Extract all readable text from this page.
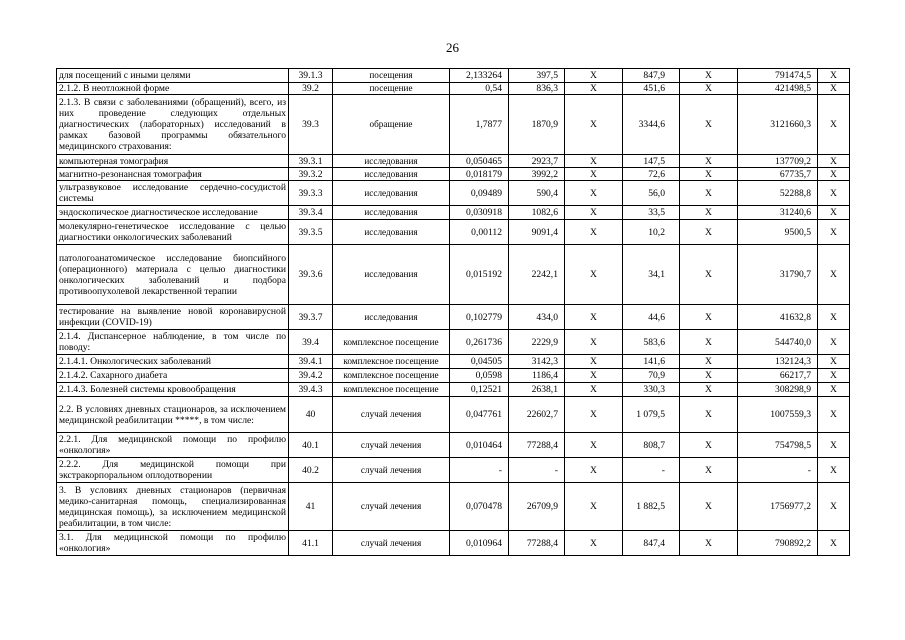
26
для посещений с иными целями	39.1.3	посещения	2,133264	397,5	X	847,9	X	791474,5	X
2.1.2. В неотложной форме	39.2	посещение	0,54	836,3	X	451,6	X	421498,5	X
2.1.3. В связи с заболеваниями (обращений), всего, из них проведение следующих отдельных диагностических (лабораторных) исследований в рамках базовой программы обязательного медицинского страхования:	39.3	обращение	1,7877	1870,9	X	3344,6	X	3121660,3	X
компьютерная томография	39.3.1	исследования	0,050465	2923,7	X	147,5	X	137709,2	X
магнитно-резонансная томография	39.3.2	исследования	0,018179	3992,2	X	72,6	X	67735,7	X
ультразвуковое исследование сердечно-сосудистой системы	39.3.3	исследования	0,09489	590,4	X	56,0	X	52288,8	X
эндоскопическое диагностическое исследование	39.3.4	исследования	0,030918	1082,6	X	33,5	X	31240,6	X
молекулярно-генетическое исследование с целью диагностики онкологических заболеваний	39.3.5	исследования	0,00112	9091,4	X	10,2	X	9500,5	X
патологоанатомическое исследование биопсийного (операционного) материала с целью диагностики онкологических заболеваний и подбора противоопухолевой лекарственной терапии	39.3.6	исследования	0,015192	2242,1	X	34,1	X	31790,7	X
тестирование на выявление новой коронавирусной инфекции (COVID-19)	39.3.7	исследования	0,102779	434,0	X	44,6	X	41632,8	X
2.1.4. Диспансерное наблюдение, в том числе по поводу:	39.4	комплексное посещение	0,261736	2229,9	X	583,6	X	544740,0	X
2.1.4.1. Онкологических заболеваний	39.4.1	комплексное посещение	0,04505	3142,3	X	141,6	X	132124,3	X
2.1.4.2. Сахарного диабета	39.4.2	комплексное посещение	0,0598	1186,4	X	70,9	X	66217,7	X
2.1.4.3. Болезней системы кровообращения	39.4.3	комплексное посещение	0,12521	2638,1	X	330,3	X	308298,9	X
2.2. В условиях дневных стационаров, за исключением медицинской реабилитации *****, в том числе:	40	случай лечения	0,047761	22602,7	X	1 079,5	X	1007559,3	X
2.2.1. Для медицинской помощи по профилю «онкология»	40.1	случай лечения	0,010464	77288,4	X	808,7	X	754798,5	X
2.2.2. Для медицинской помощи при экстракорпоральном оплодотворении	40.2	случай лечения	-	-	X	-	X	-	X
3. В условиях дневных стационаров (первичная медико-санитарная помощь, специализированная медицинская помощь), за исключением медицинской реабилитации, в том числе:	41	случай лечения	0,070478	26709,9	X	1 882,5	X	1756977,2	X
3.1. Для медицинской помощи по профилю «онкология»	41.1	случай лечения	0,010964	77288,4	X	847,4	X	790892,2	X
